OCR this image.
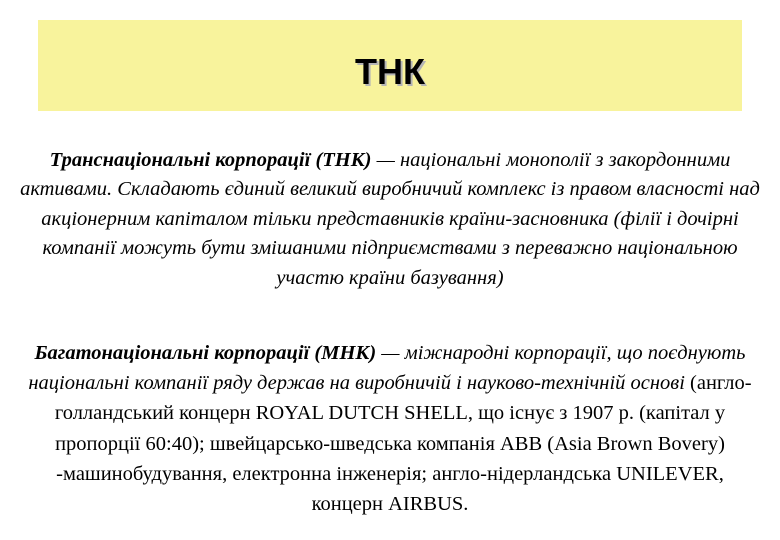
ТНК
Транснаціональні корпорації (ТНК) — національні монополії з закордонними активами. Складають єдиний великий виробничий комплекс із правом власності над акціонерним капіталом тільки представників країни-засновника (філії і дочірні компанії можуть бути змішаними підприємствами з переважно національною участю країни базування)
Багатонаціональні корпорації (МНК) — міжнародні корпорації, що поєднують національні компанії ряду держав на виробничій і науково-технічній основі (англо-голландський концерн ROYAL DUTCH SHELL, що існує з 1907 р. (капітал у пропорції 60:40); швейцарсько-шведська компанія ABB (Asia Brown Bovery) -машинобудування, електронна інженерія; англо-нідерландська UNILEVER, концерн AIRBUS.
